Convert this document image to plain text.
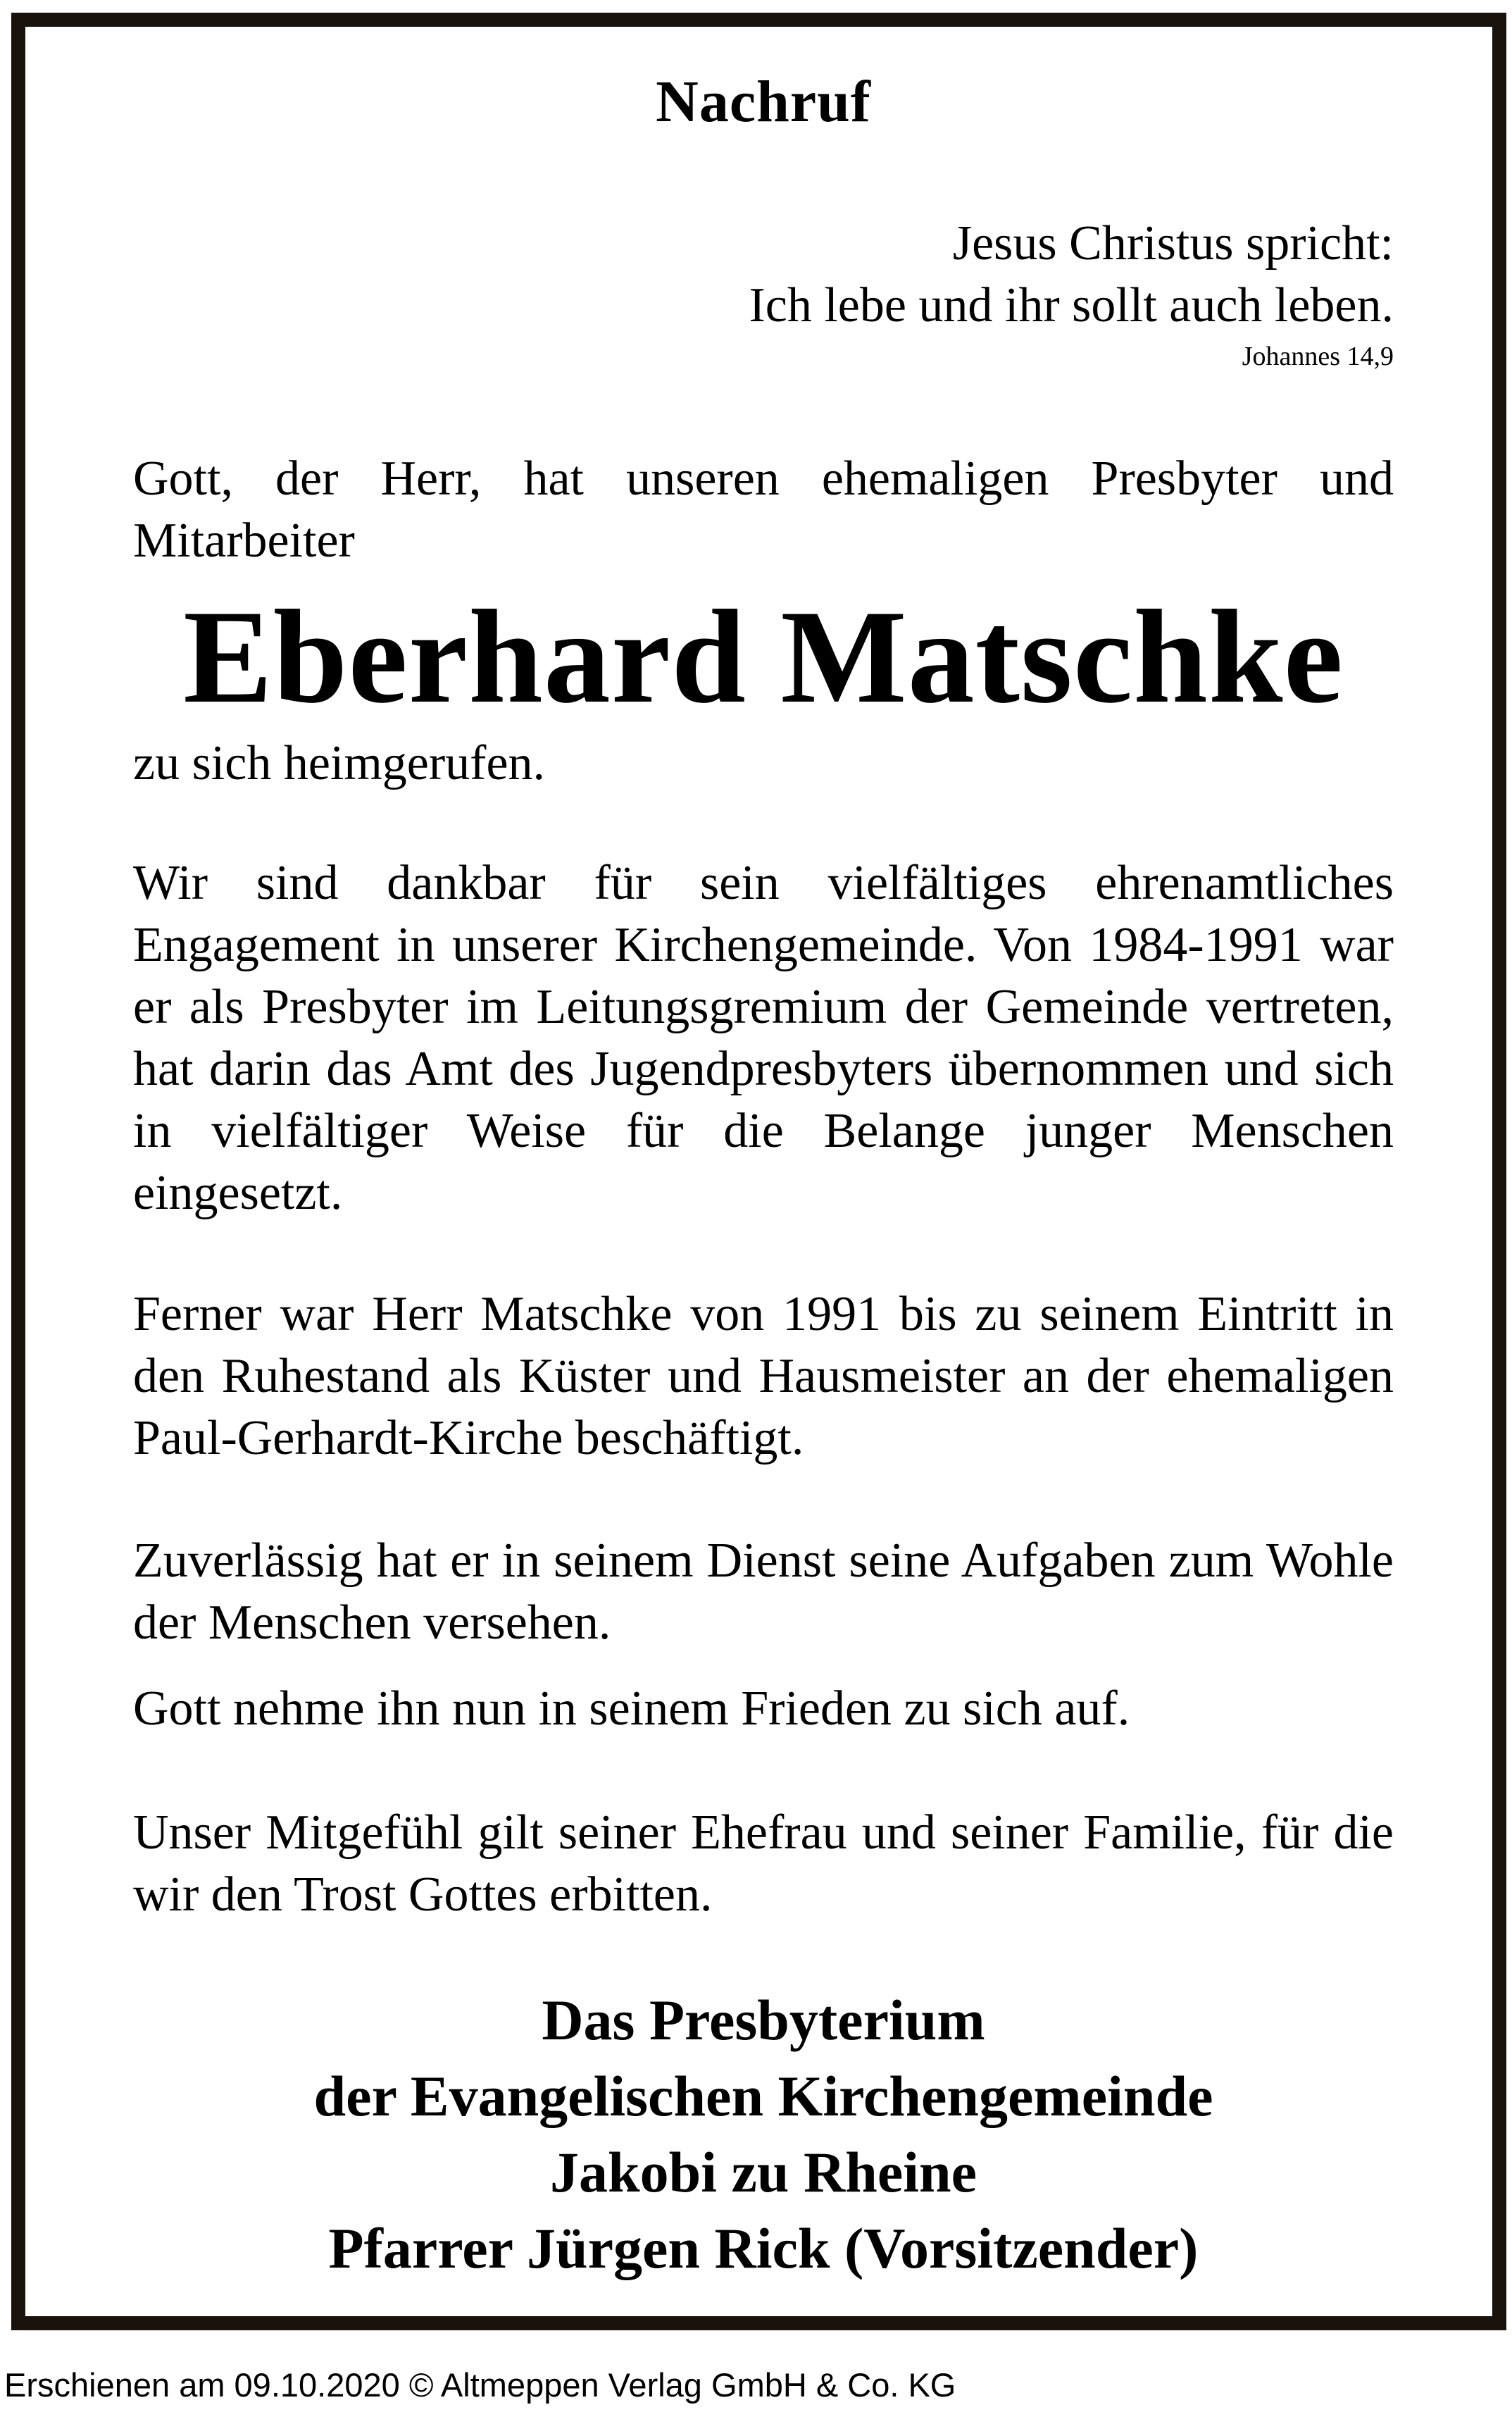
Nachruf
Jesus Christus spricht:
Ich lebe und ihr sollt auch leben.
Johannes 14,9
Gott, der Herr, hat unseren ehemaligen Presbyter und Mitarbeiter
Eberhard Matschke
zu sich heimgerufen.
Wir sind dankbar für sein vielfältiges ehrenamtliches Engagement in unserer Kirchengemeinde. Von 1984-1991 war er als Presbyter im Leitungsgremium der Gemeinde vertreten, hat darin das Amt des Jugendpresbyters übernommen und sich in vielfältiger Weise für die Belange junger Menschen eingesetzt.
Ferner war Herr Matschke von 1991 bis zu seinem Eintritt in den Ruhestand als Küster und Hausmeister an der ehemaligen Paul-Gerhardt-Kirche beschäftigt.
Zuverlässig hat er in seinem Dienst seine Aufgaben zum Wohle der Menschen versehen.
Gott nehme ihn nun in seinem Frieden zu sich auf.
Unser Mitgefühl gilt seiner Ehefrau und seiner Familie, für die wir den Trost Gottes erbitten.
Das Presbyterium
der Evangelischen Kirchengemeinde
Jakobi zu Rheine
Pfarrer Jürgen Rick (Vorsitzender)
Erschienen am 09.10.2020 © Altmeppen Verlag GmbH & Co. KG
